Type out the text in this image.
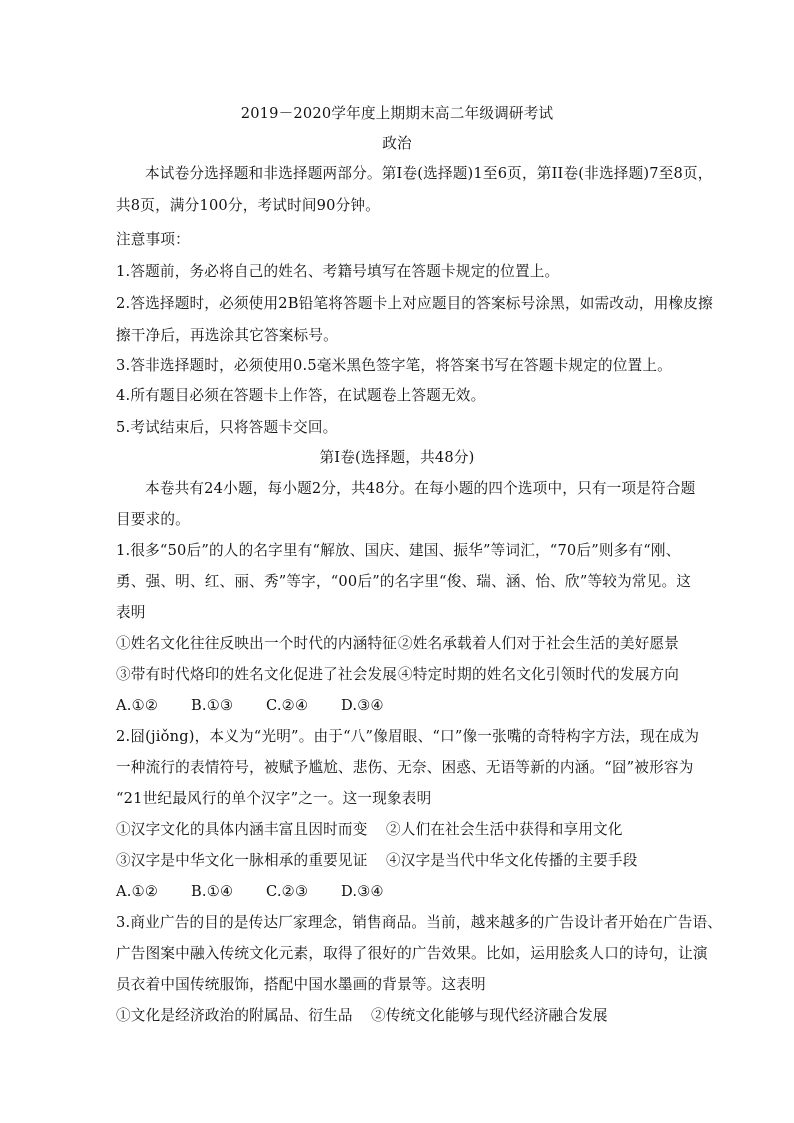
2019－2020学年度上期期末高二年级调研考试
政治
本试卷分选择题和非选择题两部分。第Ⅰ卷(选择题)1至6页，第II卷(非选择题)7至8页，
共8页，满分100分，考试时间90分钟。
注意事项：
1.答题前，务必将自己的姓名、考籍号填写在答题卡规定的位置上。
2.答选择题时，必须使用2B铅笔将答题卡上对应题目的答案标号涂黑，如需改动，用橡皮擦
擦干净后，再选涂其它答案标号。
3.答非选择题时，必须使用0.5毫米黑色签字笔，将答案书写在答题卡规定的位置上。
4.所有题目必须在答题卡上作答，在试题卷上答题无效。
5.考试结束后，只将答题卡交回。
第Ⅰ卷(选择题，共48分)
本卷共有24小题，每小题2分，共48分。在每小题的四个选项中，只有一项是符合题
目要求的。
1.很多“50后”的人的名字里有“解放、国庆、建国、振华”等词汇，“70后”则多有“刚、
勇、强、明、红、丽、秀”等字，“00后”的名字里“俊、瑞、涵、怡、欣”等较为常见。这
表明
①姓名文化往往反映出一个时代的内涵特征 ②姓名承载着人们对于社会生活的美好愿景
③带有时代烙印的姓名文化促进了社会发展 ④特定时期的姓名文化引领时代的发展方向
A.①② B.①③ C.②④ D.③④
2.囧(jiǒng)，本义为“光明”。由于“八”像眉眼、“口”像一张嘴的奇特构字方法，现在成为
一种流行的表情符号，被赋予尴尬、悲伤、无奈、困惑、无语等新的内涵。“囧”被形容为
“21世纪最风行的单个汉字”之一。这一现象表明
①汉字文化的具体内涵丰富且因时而变 ②人们在社会生活中获得和享用文化
③汉字是中华文化一脉相承的重要见证 ④汉字是当代中华文化传播的主要手段
A.①② B.①④ C.②③ D.③④
3.商业广告的目的是传达厂家理念，销售商品。当前，越来越多的广告设计者开始在广告语、
广告图案中融入传统文化元素，取得了很好的广告效果。比如，运用脍炙人口的诗句，让演
员衣着中国传统服饰，搭配中国水墨画的背景等。这表明
①文化是经济政治的附属品、衍生品 ②传统文化能够与现代经济融合发展
